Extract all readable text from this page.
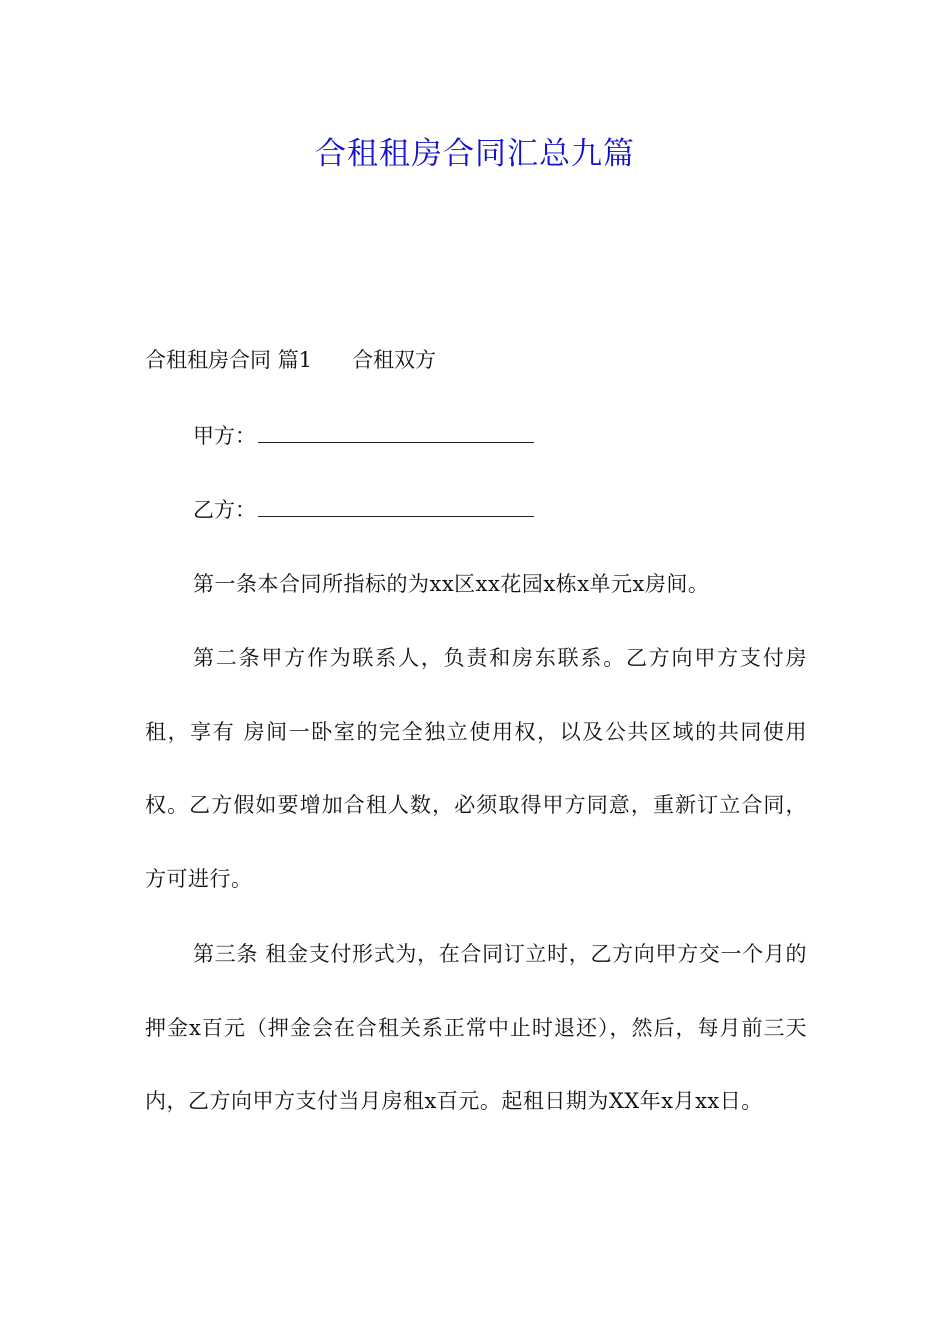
合租租房合同汇总九篇
合租租房合同 篇1 合租双方
甲方：
乙方：

第一条本合同所指标的为xx区xx花园x栋x单元x房间。

第二条甲方作为联系人，负责和房东联系。乙方向甲方支付房租，享有 房间一卧室的完全独立使用权，以及公共区域的共同使用权。乙方假如要增加合租人数，必须取得甲方同意，重新订立合同，方可进行。

第三条 租金支付形式为，在合同订立时，乙方向甲方交一个月的押金x百元（押金会在合租关系正常中止时退还），然后，每月前三天内，乙方向甲方支付当月房租x百元。起租日期为XX年x月xx日。
